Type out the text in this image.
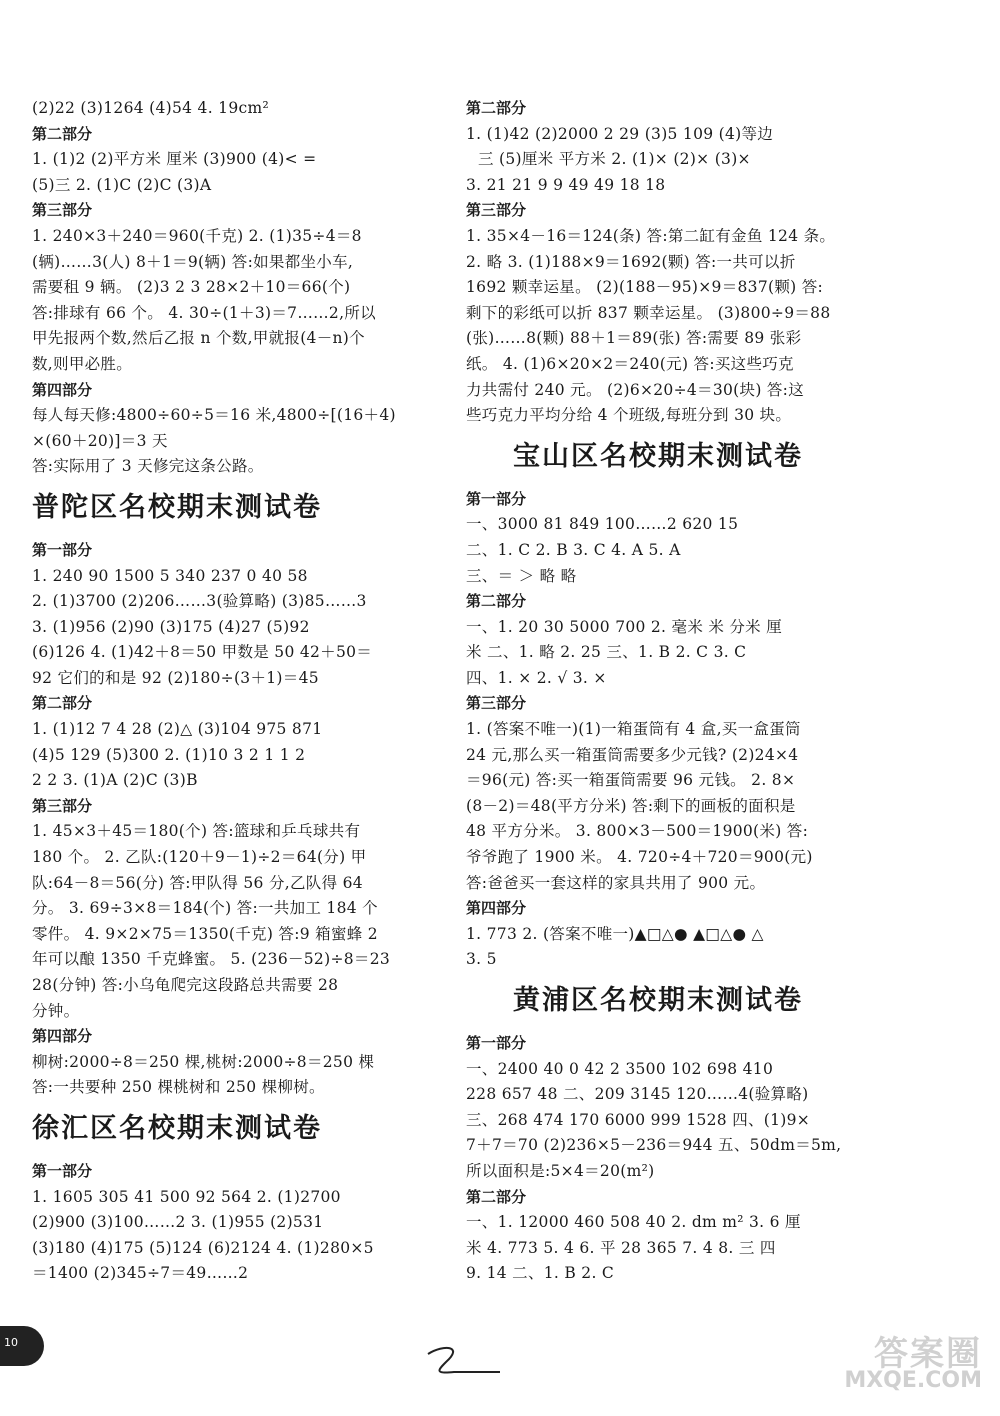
(2)22 (3)1264 (4)54 4. 19cm²
第二部分
1. (1)2 (2)平方米 厘米 (3)900 (4)< =
(5)三 2. (1)C (2)C (3)A
第三部分
1. 240×3＋240＝960(千克) 2. (1)35÷4＝8
(辆)……3(人) 8＋1＝9(辆) 答:如果都坐小车,
需要租 9 辆。 (2)3 2 3 28×2＋10＝66(个)
答:排球有 66 个。 4. 30÷(1＋3)＝7……2,所以
甲先报两个数,然后乙报 n 个数,甲就报(4－n)个
数,则甲必胜。
第四部分
每人每天修:4800÷60÷5＝16 米,4800÷[(16＋4)
×(60＋20)]＝3 天
答:实际用了 3 天修完这条公路。
普陀区名校期末测试卷
第一部分
1. 240 90 1500 5 340 237 0 40 58
2. (1)3700 (2)206……3(验算略) (3)85……3
3. (1)956 (2)90 (3)175 (4)27 (5)92
(6)126 4. (1)42＋8＝50 甲数是 50 42＋50＝
92 它们的和是 92 (2)180÷(3＋1)＝45
第二部分
1. (1)12 7 4 28 (2)△ (3)104 975 871
(4)5 129 (5)300 2. (1)10 3 2 1 1 2
2 2 3. (1)A (2)C (3)B
第三部分
1. 45×3＋45＝180(个) 答:篮球和乒乓球共有
180 个。 2. 乙队:(120＋9－1)÷2＝64(分) 甲
队:64－8＝56(分) 答:甲队得 56 分,乙队得 64
分。 3. 69÷3×8＝184(个) 答:一共加工 184 个
零件。 4. 9×2×75＝1350(千克) 答:9 箱蜜蜂 2
年可以酿 1350 千克蜂蜜。 5. (236－52)÷8＝23
28(分钟) 答:小乌龟爬完这段路总共需要 28
分钟。
第四部分
柳树:2000÷8＝250 棵,桃树:2000÷8＝250 棵
答:一共要种 250 棵桃树和 250 棵柳树。
徐汇区名校期末测试卷
第一部分
1. 1605 305 41 500 92 564 2. (1)2700
(2)900 (3)100……2 3. (1)955 (2)531
(3)180 (4)175 (5)124 (6)2124 4. (1)280×5
＝1400 (2)345÷7＝49……2
第二部分
1. (1)42 (2)2000 2 29 (3)5 109 (4)等边
三 (5)厘米 平方米 2. (1)× (2)× (3)×
3. 21 21 9 9 49 49 18 18
第三部分
1. 35×4－16＝124(条) 答:第二缸有金鱼 124 条。
2. 略 3. (1)188×9＝1692(颗) 答:一共可以折
1692 颗幸运星。 (2)(188－95)×9＝837(颗) 答:
剩下的彩纸可以折 837 颗幸运星。 (3)800÷9＝88
(张)……8(颗) 88＋1＝89(张) 答:需要 89 张彩
纸。 4. (1)6×20×2＝240(元) 答:买这些巧克
力共需付 240 元。 (2)6×20÷4＝30(块) 答:这
些巧克力平均分给 4 个班级,每班分到 30 块。
宝山区名校期末测试卷
第一部分
一、3000 81 849 100……2 620 15
二、1. C 2. B 3. C 4. A 5. A
三、＝ ＞ 略 略
第二部分
一、1. 20 30 5000 700 2. 毫米 米 分米 厘
米 二、1. 略 2. 25 三、1. B 2. C 3. C
四、1. × 2. √ 3. ×
第三部分
1. (答案不唯一)(1)一箱蛋筒有 4 盒,买一盒蛋筒
24 元,那么买一箱蛋筒需要多少元钱? (2)24×4
＝96(元) 答:买一箱蛋筒需要 96 元钱。 2. 8×
(8－2)＝48(平方分米) 答:剩下的画板的面积是
48 平方分米。 3. 800×3－500＝1900(米) 答:
爷爷跑了 1900 米。 4. 720÷4＋720＝900(元)
答:爸爸买一套这样的家具共用了 900 元。
第四部分
1. 773 2. (答案不唯一)▲□△● ▲□△● △
3. 5
黄浦区名校期末测试卷
第一部分
一、2400 40 0 42 2 3500 102 698 410
228 657 48 二、209 3145 120……4(验算略)
三、268 474 170 6000 999 1528 四、(1)9×
7＋7＝70 (2)236×5－236＝944 五、50dm＝5m,
所以面积是:5×4＝20(m²)
第二部分
一、1. 12000 460 508 40 2. dm m² 3. 6 厘
米 4. 773 5. 4 6. 平 28 365 7. 4 8. 三 四
9. 14 二、1. B 2. C
10	答案圈
MXQE.COM
